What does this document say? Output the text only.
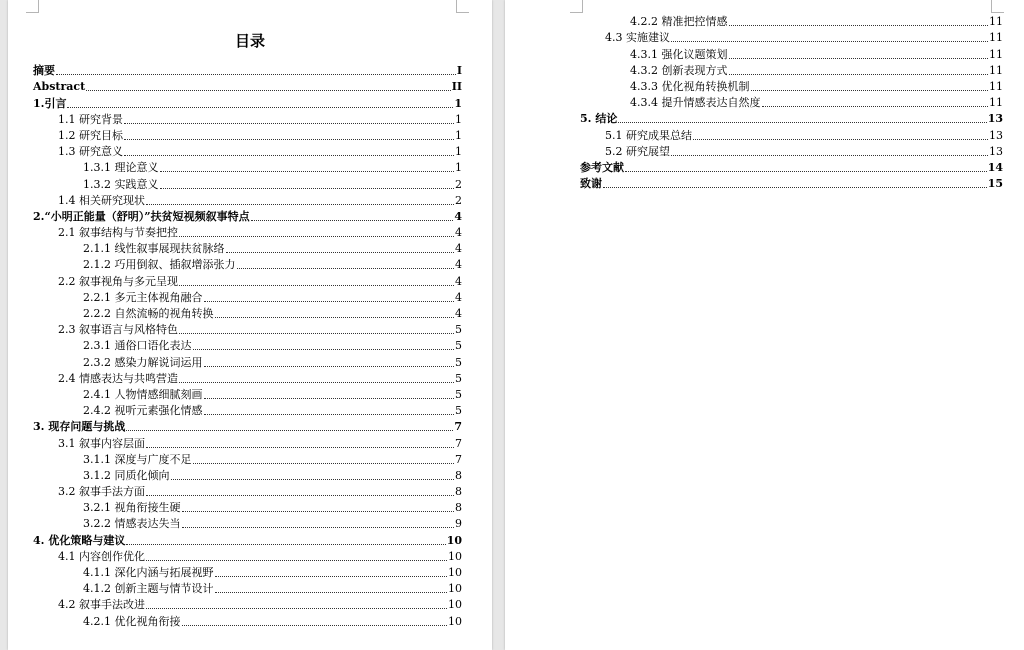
目录
摘要	I
Abstract	II
1.引言	1
1.1 研究背景	1
1.2 研究目标	1
1.3 研究意义	1
1.3.1 理论意义	1
1.3.2 实践意义	2
1.4 相关研究现状	2
2.“小明正能量（舒明）”扶贫短视频叙事特点	4
2.1 叙事结构与节奏把控	4
2.1.1 线性叙事展现扶贫脉络	4
2.1.2 巧用倒叙、插叙增添张力	4
2.2 叙事视角与多元呈现	4
2.2.1 多元主体视角融合	4
2.2.2 自然流畅的视角转换	4
2.3 叙事语言与风格特色	5
2.3.1 通俗口语化表达	5
2.3.2 感染力解说词运用	5
2.4 情感表达与共鸣营造	5
2.4.1 人物情感细腻刻画	5
2.4.2 视听元素强化情感	5
3. 现存问题与挑战	7
3.1 叙事内容层面	7
3.1.1 深度与广度不足	7
3.1.2 同质化倾向	8
3.2 叙事手法方面	8
3.2.1 视角衔接生硬	8
3.2.2 情感表达失当	9
4. 优化策略与建议	10
4.1 内容创作优化	10
4.1.1 深化内涵与拓展视野	10
4.1.2 创新主题与情节设计	10
4.2 叙事手法改进	10
4.2.1 优化视角衔接	10
4.2.2 精准把控情感	11
4.3 实施建议	11
4.3.1 强化议题策划	11
4.3.2 创新表现方式	11
4.3.3 优化视角转换机制	11
4.3.4 提升情感表达自然度	11
5. 结论	13
5.1 研究成果总结	13
5.2 研究展望	13
参考文献	14
致谢	15
